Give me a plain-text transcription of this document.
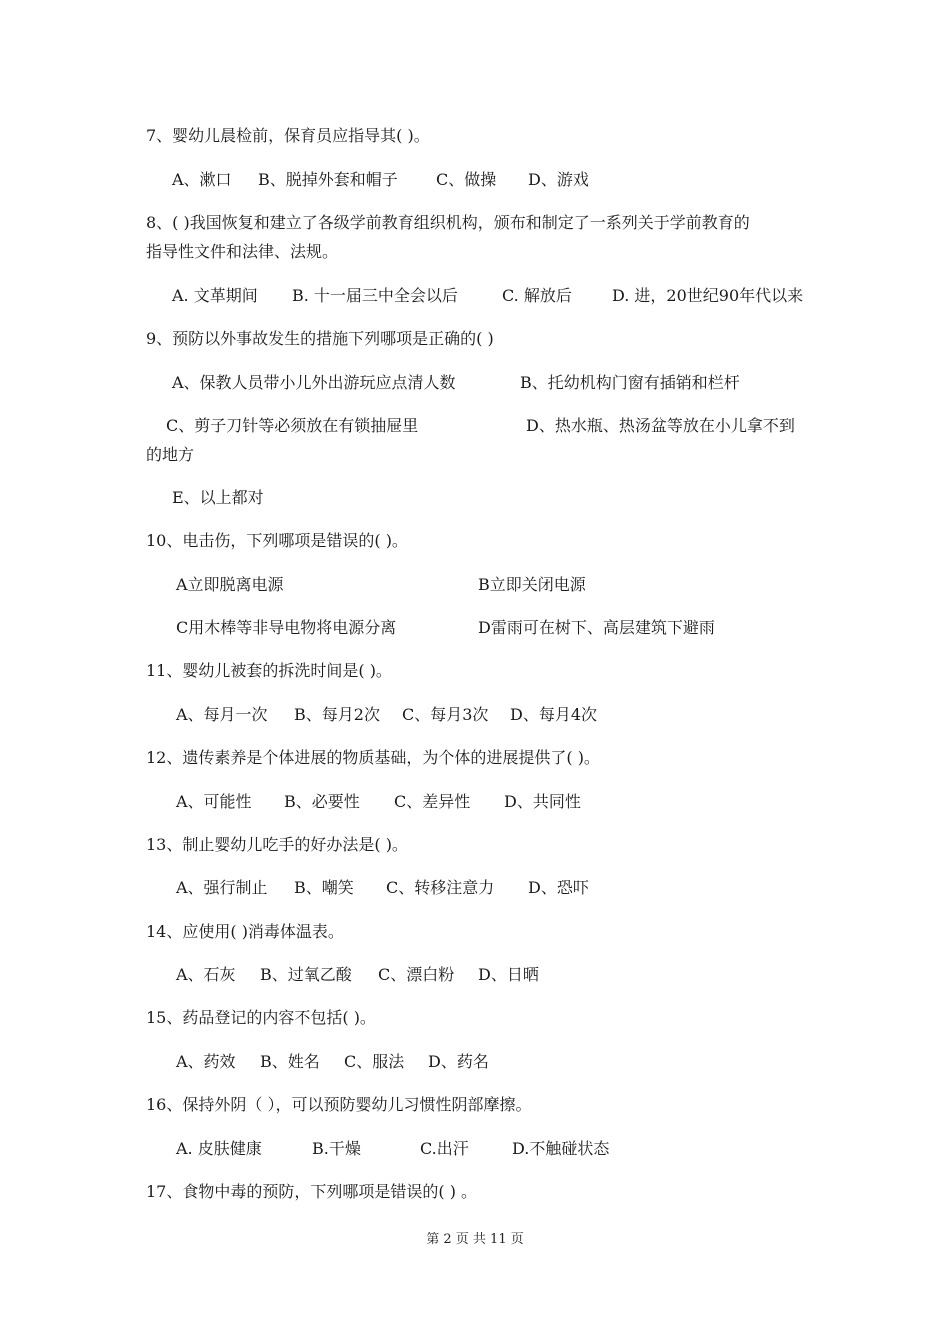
7、婴幼儿晨检前，保育员应指导其( )。
A、漱口 B、脱掉外套和帽子 C、做操 D、游戏
8、( )我国恢复和建立了各级学前教育组织机构，颁布和制定了一系列关于学前教育的
指导性文件和法律、法规。
A. 文革期间 B. 十一届三中全会以后	C. 解放后	D. 进，20世纪90年代以来
9、预防以外事故发生的措施下列哪项是正确的( )
A、保教人员带小儿外出游玩应点清人数	B、托幼机构门窗有插销和栏杆
C、剪子刀针等必须放在有锁抽屉里	D、热水瓶、热汤盆等放在小儿拿不到
的地方
E、以上都对
10、电击伤，下列哪项是错误的( )。
A立即脱离电源	B立即关闭电源
C用木棒等非导电物将电源分离	D雷雨可在树下、高层建筑下避雨
11、婴幼儿被套的拆洗时间是( )。
A、每月一次 B、每月2次 C、每月3次 D、每月4次
12、遗传素养是个体进展的物质基础，为个体的进展提供了( )。
A、可能性 B、必要性 C、差异性 D、共同性
13、制止婴幼儿吃手的好办法是( )。
A、强行制止 B、嘲笑 C、转移注意力 D、恐吓
14、应使用( )消毒体温表。
A、石灰 B、过氧乙酸 C、漂白粉 D、日晒
15、药品登记的内容不包括( )。
A、药效 B、姓名 C、服法 D、药名
16、保持外阴（ ），可以预防婴幼儿习惯性阴部摩擦。
A. 皮肤健康	B.干燥	C.出汗	D.不触碰状态
17、食物中毒的预防，下列哪项是错误的( ) 。
第 2 页 共 11 页
